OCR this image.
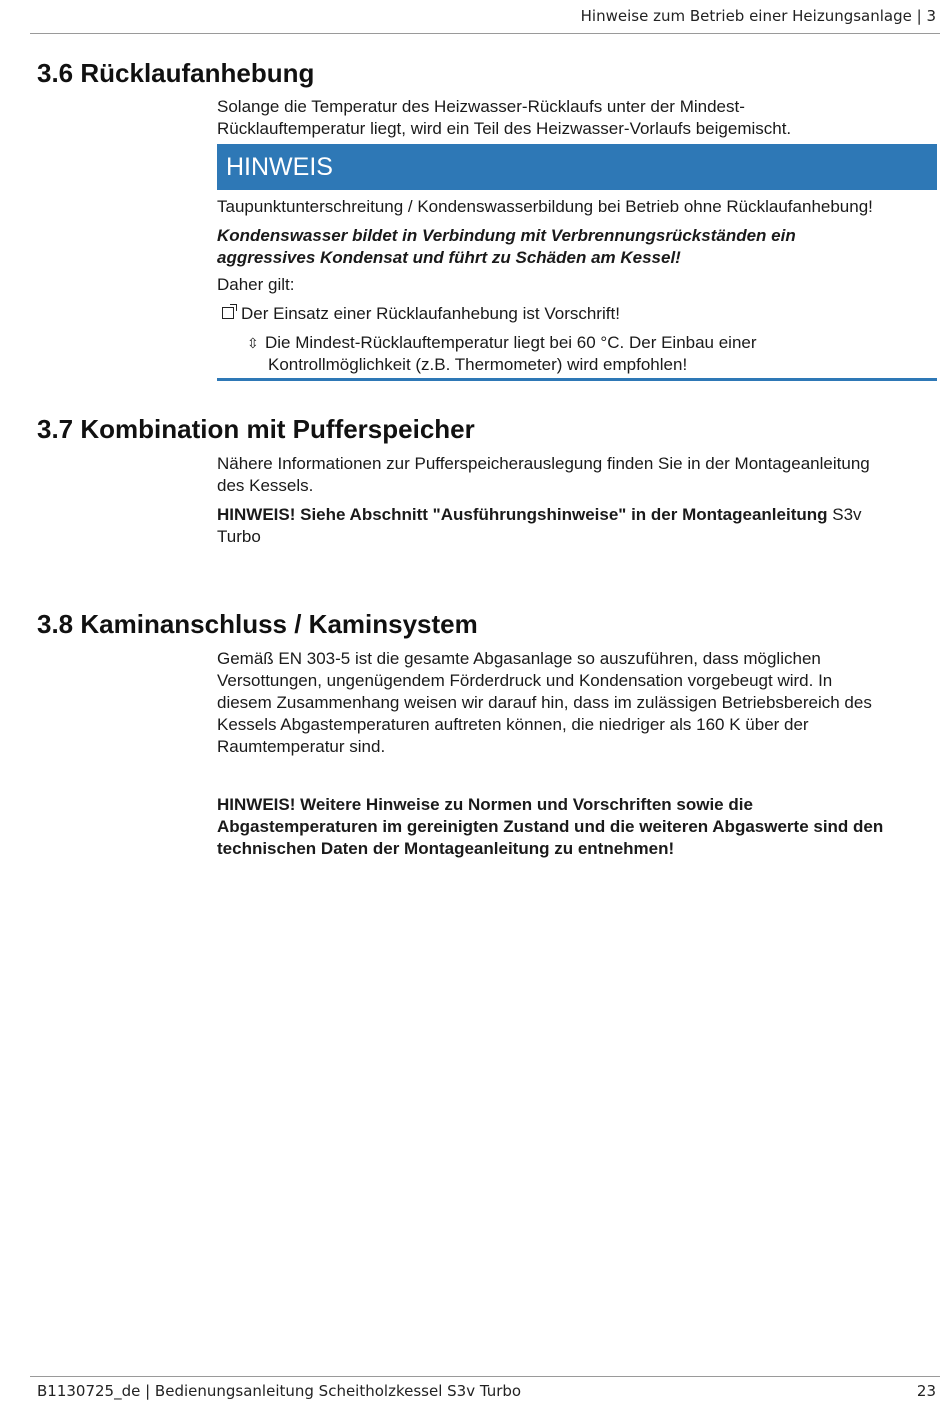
Hinweise zum Betrieb einer Heizungsanlage | 3
3.6 Rücklaufanhebung

Solange die Temperatur des Heizwasser-Rücklaufs unter der Mindest-

Rücklauftemperatur liegt, wird ein Teil des Heizwasser-Vorlaufs beigemischt.

HINWEIS

Taupunktunterschreitung / Kondenswasserbildung bei Betrieb ohne Rücklaufanhebung!

Kondenswasser bildet in Verbindung mit Verbrennungsrückständen ein

aggressives Kondensat und führt zu Schäden am Kessel!

Daher gilt:

Der Einsatz einer Rücklaufanhebung ist Vorschrift!

⇳ Die Mindest-Rücklauftemperatur liegt bei 60 °C. Der Einbau einer

Kontrollmöglichkeit (z.B. Thermometer) wird empfohlen!

3.7 Kombination mit Pufferspeicher

Nähere Informationen zur Pufferspeicherauslegung finden Sie in der Montageanleitung

des Kessels.

HINWEIS! Siehe Abschnitt "Ausführungshinweise" in der Montageanleitung S3v

Turbo

3.8 Kaminanschluss / Kaminsystem

Gemäß EN 303-5 ist die gesamte Abgasanlage so auszuführen, dass möglichen

Versottungen, ungenügendem Förderdruck und Kondensation vorgebeugt wird. In

diesem Zusammenhang weisen wir darauf hin, dass im zulässigen Betriebsbereich des

Kessels Abgastemperaturen auftreten können, die niedriger als 160 K über der

Raumtemperatur sind.

HINWEIS! Weitere Hinweise zu Normen und Vorschriften sowie die

Abgastemperaturen im gereinigten Zustand und die weiteren Abgaswerte sind den

technischen Daten der Montageanleitung zu entnehmen!

B1130725_de | Bedienungsanleitung Scheitholzkessel S3v Turbo	23
